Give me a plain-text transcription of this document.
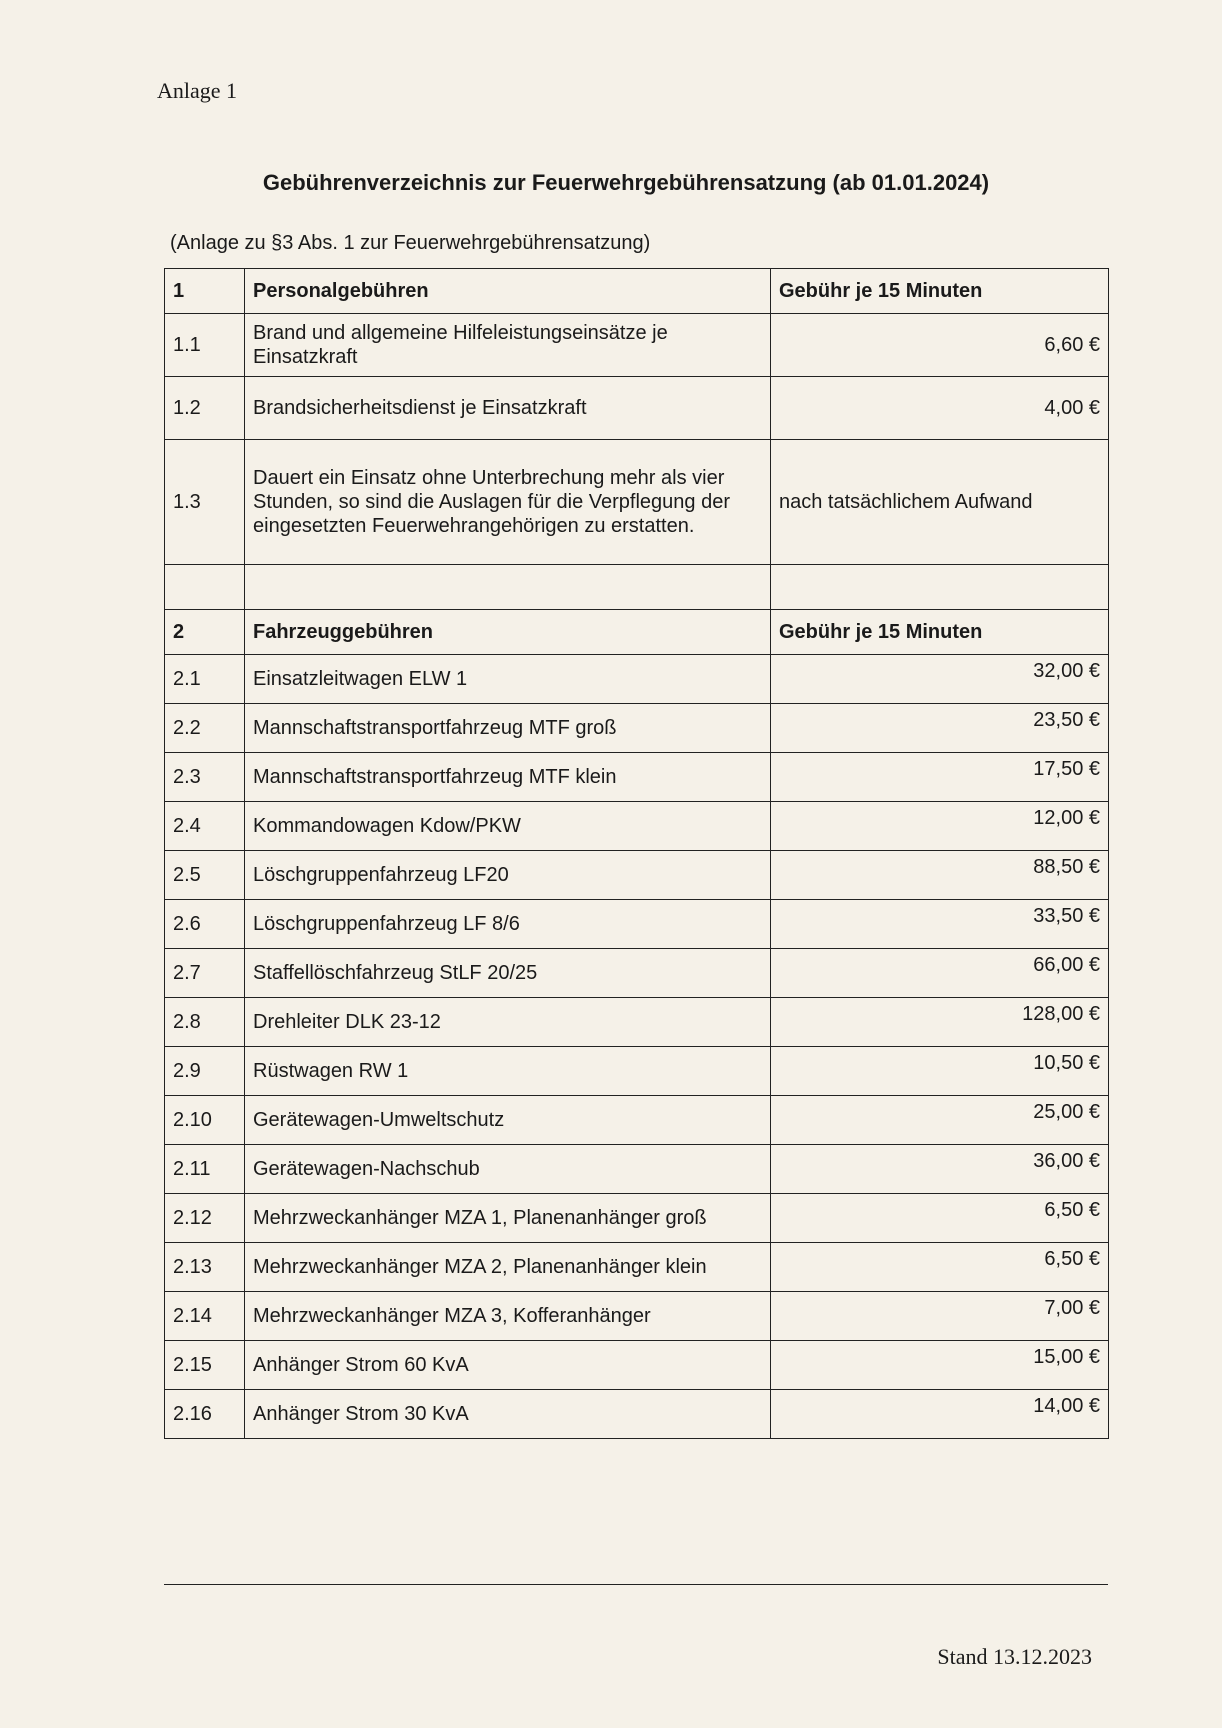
Anlage 1
Gebührenverzeichnis zur Feuerwehrgebührensatzung (ab 01.01.2024)
(Anlage zu §3 Abs. 1 zur Feuerwehrgebührensatzung)
1	Personalgebühren	Gebühr je 15 Minuten
1.1	Brand und allgemeine Hilfeleistungseinsätze je Einsatzkraft	6,60 €
1.2	Brandsicherheitsdienst je Einsatzkraft	4,00 €
1.3	Dauert ein Einsatz ohne Unterbrechung mehr als vier Stunden, so sind die Auslagen für die Verpflegung der eingesetzten Feuerwehrangehörigen zu erstatten.	nach tatsächlichem Aufwand

2	Fahrzeuggebühren	Gebühr je 15 Minuten
2.1	Einsatzleitwagen ELW 1	32,00 €
2.2	Mannschaftstransportfahrzeug MTF groß	23,50 €
2.3	Mannschaftstransportfahrzeug MTF klein	17,50 €
2.4	Kommandowagen Kdow/PKW	12,00 €
2.5	Löschgruppenfahrzeug LF20	88,50 €
2.6	Löschgruppenfahrzeug LF 8/6	33,50 €
2.7	Staffellöschfahrzeug StLF 20/25	66,00 €
2.8	Drehleiter DLK 23-12	128,00 €
2.9	Rüstwagen RW 1	10,50 €
2.10	Gerätewagen-Umweltschutz	25,00 €
2.11	Gerätewagen-Nachschub	36,00 €
2.12	Mehrzweckanhänger MZA 1, Planenanhänger groß	6,50 €
2.13	Mehrzweckanhänger MZA 2, Planenanhänger klein	6,50 €
2.14	Mehrzweckanhänger MZA 3, Kofferanhänger	7,00 €
2.15	Anhänger Strom 60 KvA	15,00 €
2.16	Anhänger Strom 30 KvA	14,00 €
Stand 13.12.2023
